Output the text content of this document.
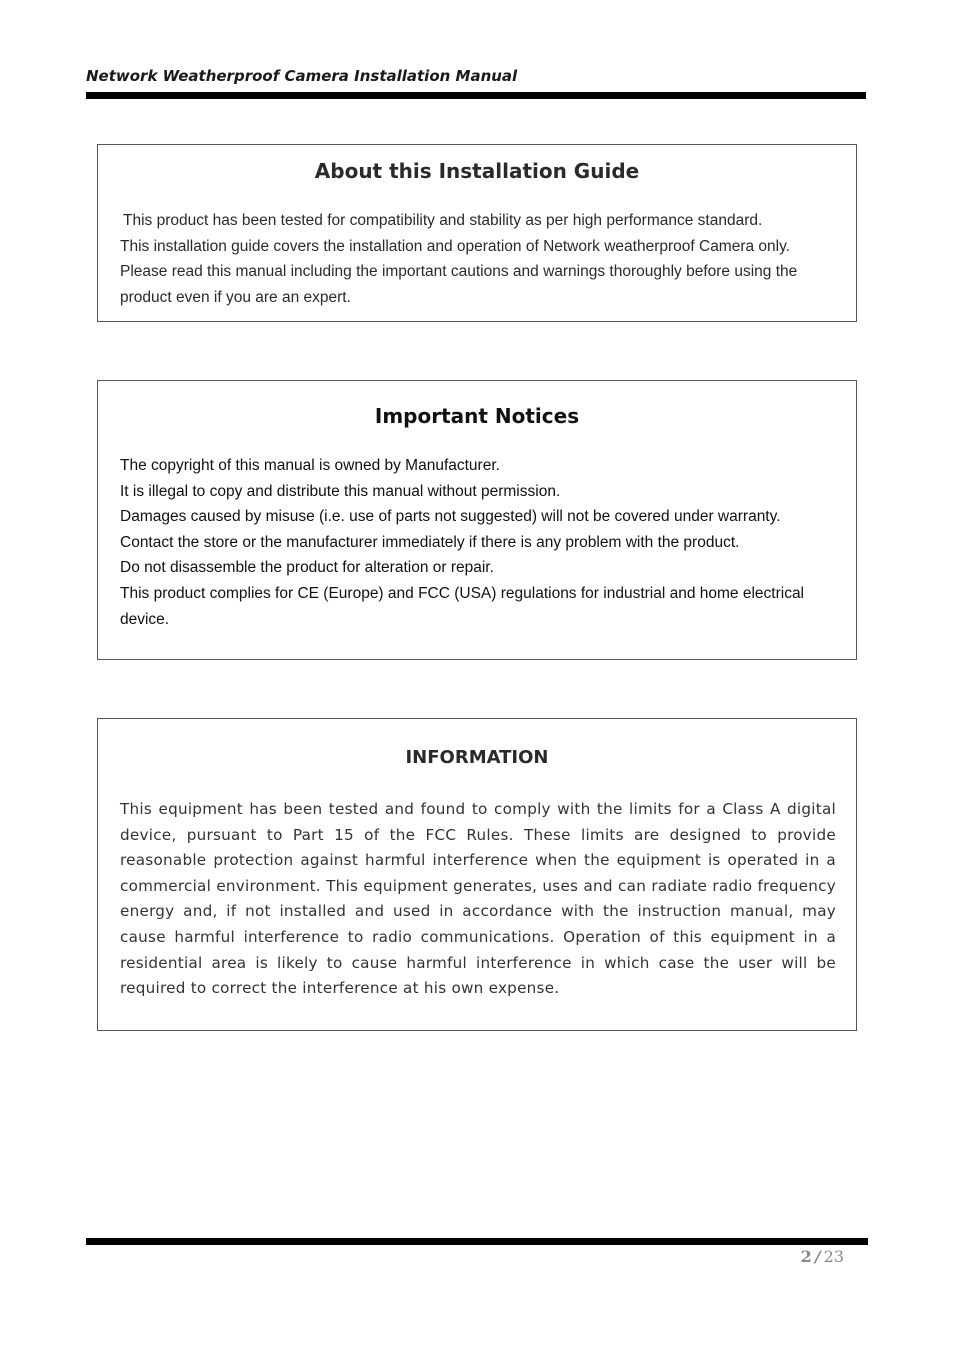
Network Weatherproof Camera Installation Manual
About this Installation Guide
This product has been tested for compatibility and stability as per high performance standard.
This installation guide covers the installation and operation of Network weatherproof Camera only.
Please read this manual including the important cautions and warnings thoroughly before using the
product even if you are an expert.
Important Notices
The copyright of this manual is owned by Manufacturer.
It is illegal to copy and distribute this manual without permission.
Damages caused by misuse (i.e. use of parts not suggested) will not be covered under warranty.
Contact the store or the manufacturer immediately if there is any problem with the product.
Do not disassemble the product for alteration or repair.
This product complies for CE (Europe) and FCC (USA) regulations for industrial and home electrical
device.
INFORMATION

This equipment has been tested and found to comply with the limits for a Class A digital device, pursuant to Part 15 of the FCC Rules. These limits are designed to provide reasonable protection against harmful interference when the equipment is operated in a commercial environment. This equipment generates, uses and can radiate radio frequency energy and, if not installed and used in accordance with the instruction manual, may cause harmful interference to radio communications. Operation of this equipment in a residential area is likely to cause harmful interference in which case the user will be required to correct the interference at his own expense.

2 / 23
